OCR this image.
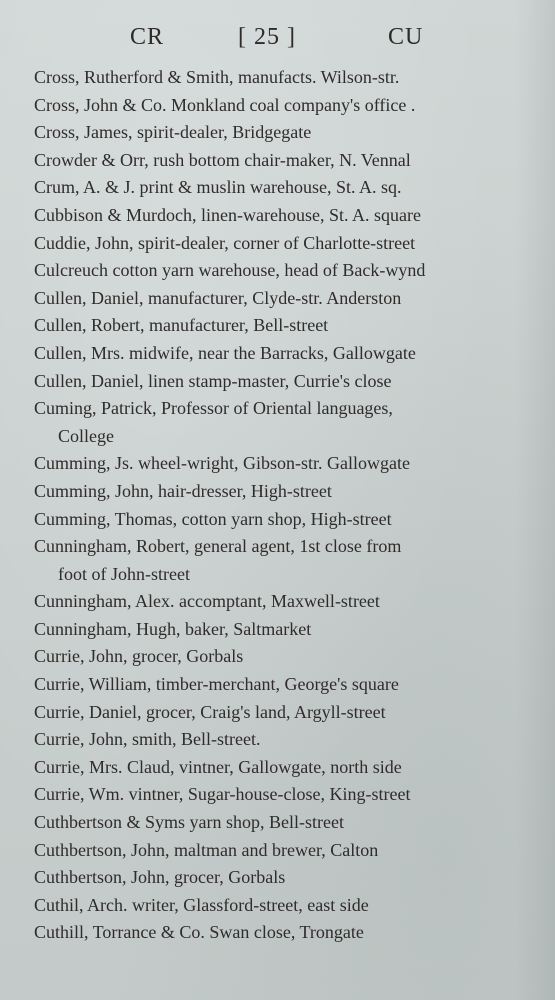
CR	[ 25 ]	CU
Cross, Rutherford & Smith, manufacts. Wilson-str.
Cross, John & Co. Monkland coal company's office .
Cross, James, spirit-dealer, Bridgegate
Crowder & Orr, rush bottom chair-maker, N. Vennal
Crum, A. & J. print & muslin warehouse, St. A. sq.
Cubbison & Murdoch, linen-warehouse, St. A. square
Cuddie, John, spirit-dealer, corner of Charlotte-street
Culcreuch cotton yarn warehouse, head of Back-wynd
Cullen, Daniel, manufacturer, Clyde-str. Anderston
Cullen, Robert, manufacturer, Bell-street
Cullen, Mrs. midwife, near the Barracks, Gallowgate
Cullen, Daniel, linen stamp-master, Currie's close
Cuming, Patrick, Professor of Oriental languages,
College
Cumming, Js. wheel-wright, Gibson-str. Gallowgate
Cumming, John, hair-dresser, High-street
Cumming, Thomas, cotton yarn shop, High-street
Cunningham, Robert, general agent, 1st close from
foot of John-street
Cunningham, Alex. accomptant, Maxwell-street
Cunningham, Hugh, baker, Saltmarket
Currie, John, grocer, Gorbals
Currie, William, timber-merchant, George's square
Currie, Daniel, grocer, Craig's land, Argyll-street
Currie, John, smith, Bell-street.
Currie, Mrs. Claud, vintner, Gallowgate, north side
Currie, Wm. vintner, Sugar-house-close, King-street
Cuthbertson & Syms yarn shop, Bell-street
Cuthbertson, John, maltman and brewer, Calton
Cuthbertson, John, grocer, Gorbals
Cuthil, Arch. writer, Glassford-street, east side
Cuthill, Torrance & Co. Swan close, Trongate
